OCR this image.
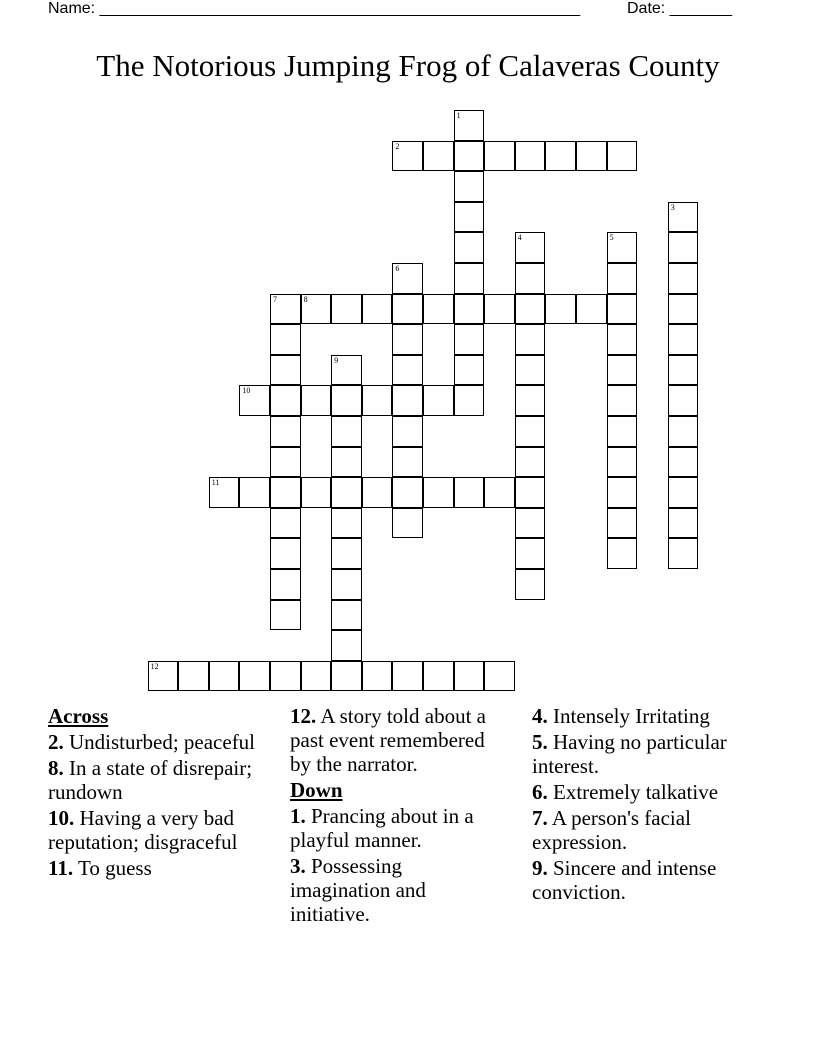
Name: ______________________________________________________	Date: _______
The Notorious Jumping Frog of Calaveras County
1
2
3
4	5
6
7	8
9
10
11
12
Across
2. Undisturbed; peaceful
8. In a state of disrepair; rundown
10. Having a very bad reputation; disgraceful
11. To guess
12. A story told about a past event remembered by the narrator.
Down
1. Prancing about in a playful manner.
3. Possessing imagination and initiative.
4. Intensely Irritating
5. Having no particular interest.
6. Extremely talkative
7. A person's facial expression.
9. Sincere and intense conviction.
